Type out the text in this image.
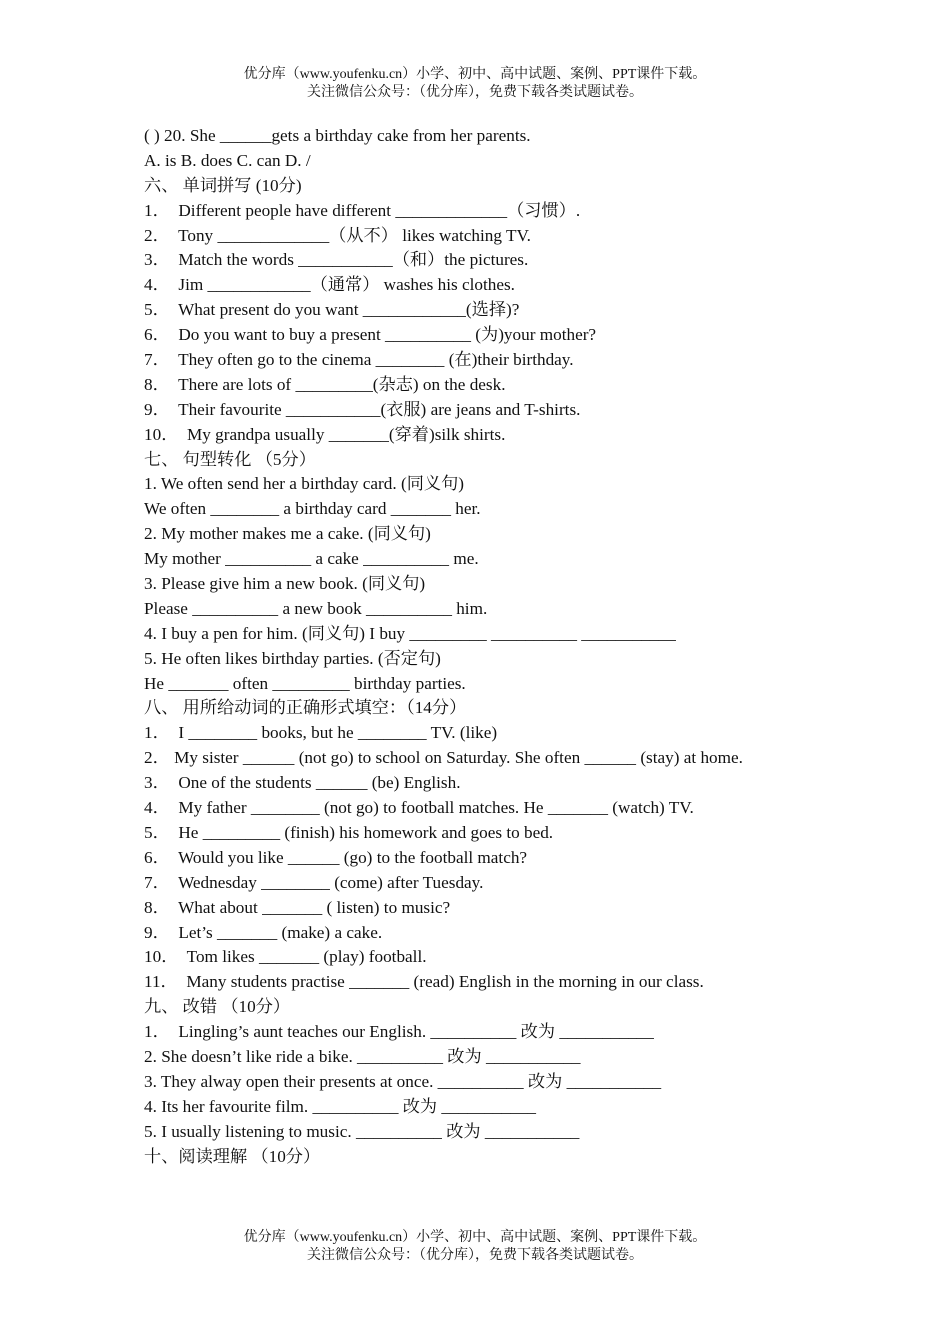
优分库（www.youfenku.cn）小学、初中、高中试题、案例、PPT课件下载。
关注微信公众号：（优分库），免费下载各类试题试卷。
( ) 20. She ______gets a birthday cake from her parents.
A. is B. does C. can D. /
六、 单词拼写 (10分)
1．  Different people have different _____________（习惯）.
2．  Tony _____________（从不） likes watching TV.
3．  Match the words ___________（和）the pictures.
4．  Jim ____________（通常） washes his clothes.
5．  What present do you want ____________(选择)?
6．  Do you want to buy a present __________ (为)your mother?
7．  They often go to the cinema ________ (在)their birthday.
8．  There are lots of _________(杂志) on the desk.
9．  Their favourite ___________(衣服) are jeans and T-shirts.
10．  My grandpa usually _______(穿着)silk shirts.
七、 句型转化 （5分）
1. We often send her a birthday card. (同义句)
We often ________ a birthday card _______ her.
2. My mother makes me a cake. (同义句)
My mother __________ a cake __________ me.
3. Please give him a new book. (同义句)
Please __________ a new book __________ him.
4. I buy a pen for him. (同义句) I buy _________ __________ ___________
5. He often likes birthday parties. (否定句)
He _______ often _________ birthday parties.
八、 用所给动词的正确形式填空：（14分）
1．  I ________ books, but he ________ TV. (like)
2． My sister ______ (not go) to school on Saturday. She often ______ (stay) at home.
3．  One of the students ______ (be) English.
4．  My father ________ (not go) to football matches. He _______ (watch) TV.
5．  He _________ (finish) his homework and goes to bed.
6．  Would you like ______ (go) to the football match?
7．  Wednesday ________ (come) after Tuesday.
8．  What about _______ ( listen) to music?
9．  Let’s _______ (make) a cake.
10．  Tom likes _______ (play) football.
11．  Many students practise _______ (read) English in the morning in our class.
九、 改错 （10分）
1．  Lingling’s aunt teaches our English. __________ 改为 ___________
2. She doesn’t like ride a bike. __________ 改为 ___________
3. They alway open their presents at once. __________ 改为 ___________
4. Its her favourite film. __________ 改为 ___________
5. I usually listening to music. __________ 改为 ___________
十、阅读理解 （10分）
优分库（www.youfenku.cn）小学、初中、高中试题、案例、PPT课件下载。
关注微信公众号：（优分库），免费下载各类试题试卷。
